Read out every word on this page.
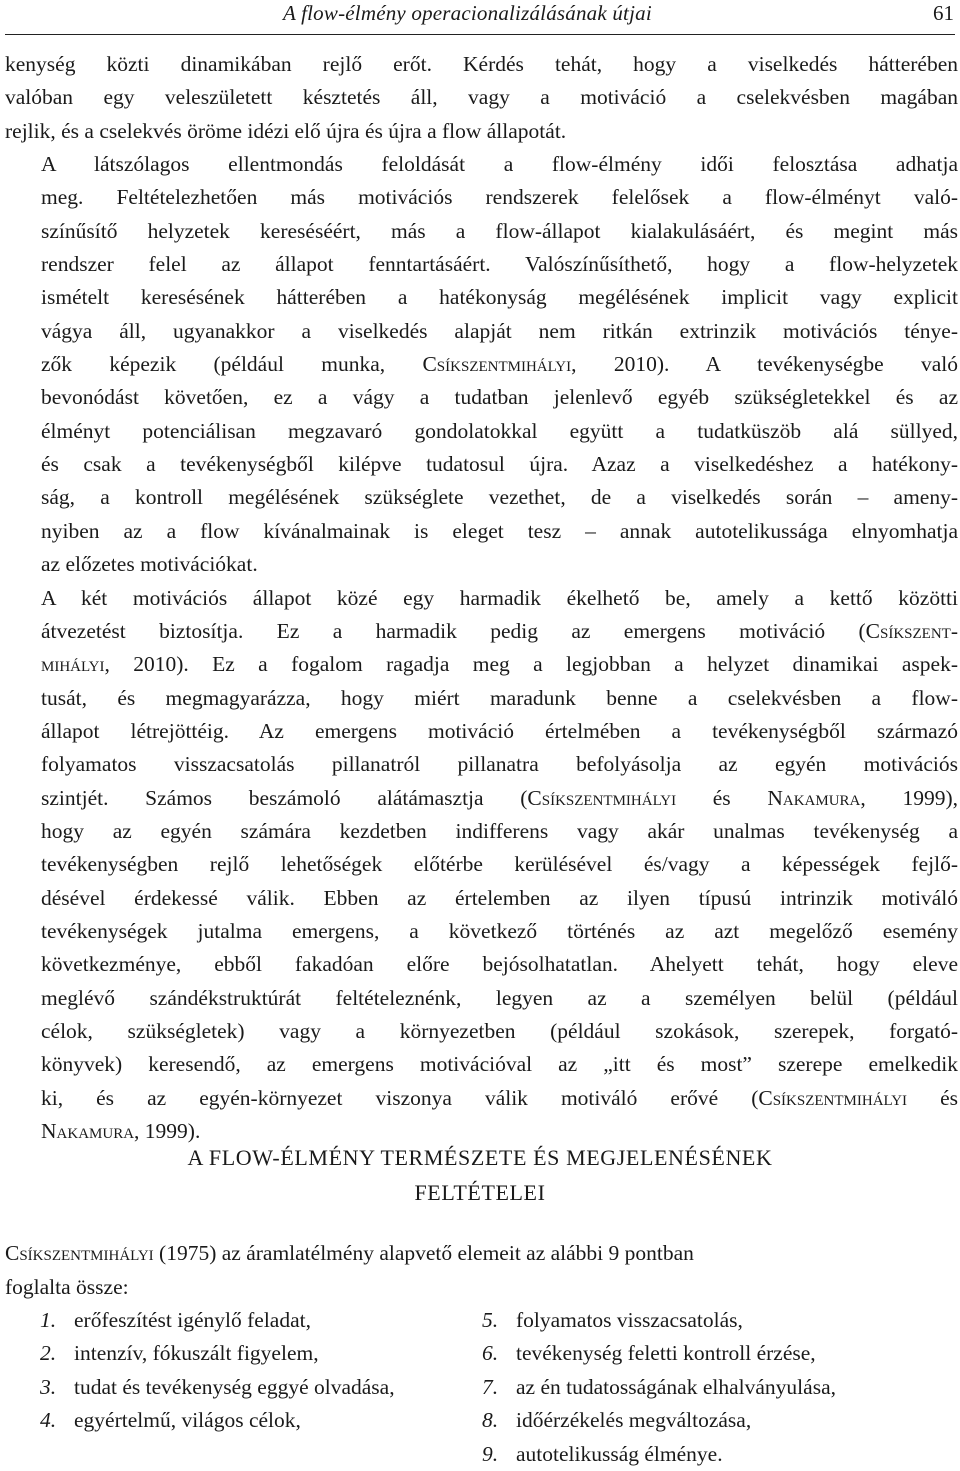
A flow-élmény operacionalizálásának útjai	61

kenység közti dinamikában rejlő erőt. Kérdés tehát, hogy a viselkedés hátterében
valóban egy veleszületett késztetés áll, vagy a motiváció a cselekvésben magában
rejlik, és a cselekvés öröme idézi elő újra és újra a flow állapotát.

A látszólagos ellentmondás feloldását a flow-élmény idői felosztása adhatja
meg. Feltételezhetően más motivációs rendszerek felelősek a flow-élményt való-
színűsítő helyzetek kereséséért, más a flow-állapot kialakulásáért, és megint más
rendszer felel az állapot fenntartásáért. Valószínűsíthető, hogy a flow-helyzetek
ismételt keresésének hátterében a hatékonyság megélésének implicit vagy explicit
vágya áll, ugyanakkor a viselkedés alapját nem ritkán extrinzik motivációs ténye-
zők képezik (például munka, Csíkszentmihályi, 2010). A tevékenységbe való
bevonódást követően, ez a vágy a tudatban jelenlevő egyéb szükségletekkel és az
élményt potenciálisan megzavaró gondolatokkal együtt a tudatküszöb alá süllyed,
és csak a tevékenységből kilépve tudatosul újra. Azaz a viselkedéshez a hatékony-
ság, a kontroll megélésének szükséglete vezethet, de a viselkedés során – ameny-
nyiben az a flow kívánalmainak is eleget tesz – annak autotelikussága elnyomhatja
az előzetes motivációkat.

A két motivációs állapot közé egy harmadik ékelhető be, amely a kettő közötti
átvezetést biztosítja. Ez a harmadik pedig az emergens motiváció (Csíkszent-
mihályi, 2010). Ez a fogalom ragadja meg a legjobban a helyzet dinamikai aspek-
tusát, és megmagyarázza, hogy miért maradunk benne a cselekvésben a flow-
állapot létrejöttéig. Az emergens motiváció értelmében a tevékenységből származó
folyamatos visszacsatolás pillanatról pillanatra befolyásolja az egyén motivációs
szintjét. Számos beszámoló alátámasztja (Csíkszentmihályi és Nakamura, 1999),
hogy az egyén számára kezdetben indifferens vagy akár unalmas tevékenység a
tevékenységben rejlő lehetőségek előtérbe kerülésével és/vagy a képességek fejlő-
désével érdekessé válik. Ebben az értelemben az ilyen típusú intrinzik motiváló
tevékenységek jutalma emergens, a következő történés az azt megelőző esemény
következménye, ebből fakadóan előre bejósolhatatlan. Ahelyett tehát, hogy eleve
meglévő szándékstruktúrát feltételeznénk, legyen az a személyen belül (például
célok, szükségletek) vagy a környezetben (például szokások, szerepek, forgató-
könyvek) keresendő, az emergens motivációval az „itt és most” szerepe emelkedik
ki, és az egyén-környezet viszonya válik motiváló erővé (Csíkszentmihályi és
Nakamura, 1999).

A FLOW-ÉLMÉNY TERMÉSZETE ÉS MEGJELENÉSÉNEK
FELTÉTELEI
Csíkszentmihályi (1975) az áramlatélmény alapvető elemeit az alábbi 9 pontban
foglalta össze:
1. erőfeszítést igénylő feladat,
2. intenzív, fókuszált figyelem,
3. tudat és tevékenység eggyé olvadása,
4. egyértelmű, világos célok,
5. folyamatos visszacsatolás,
6. tevékenység feletti kontroll érzése,
7. az én tudatosságának elhalványulása,
8. időérzékelés megváltozása,
9. autotelikusság élménye.
